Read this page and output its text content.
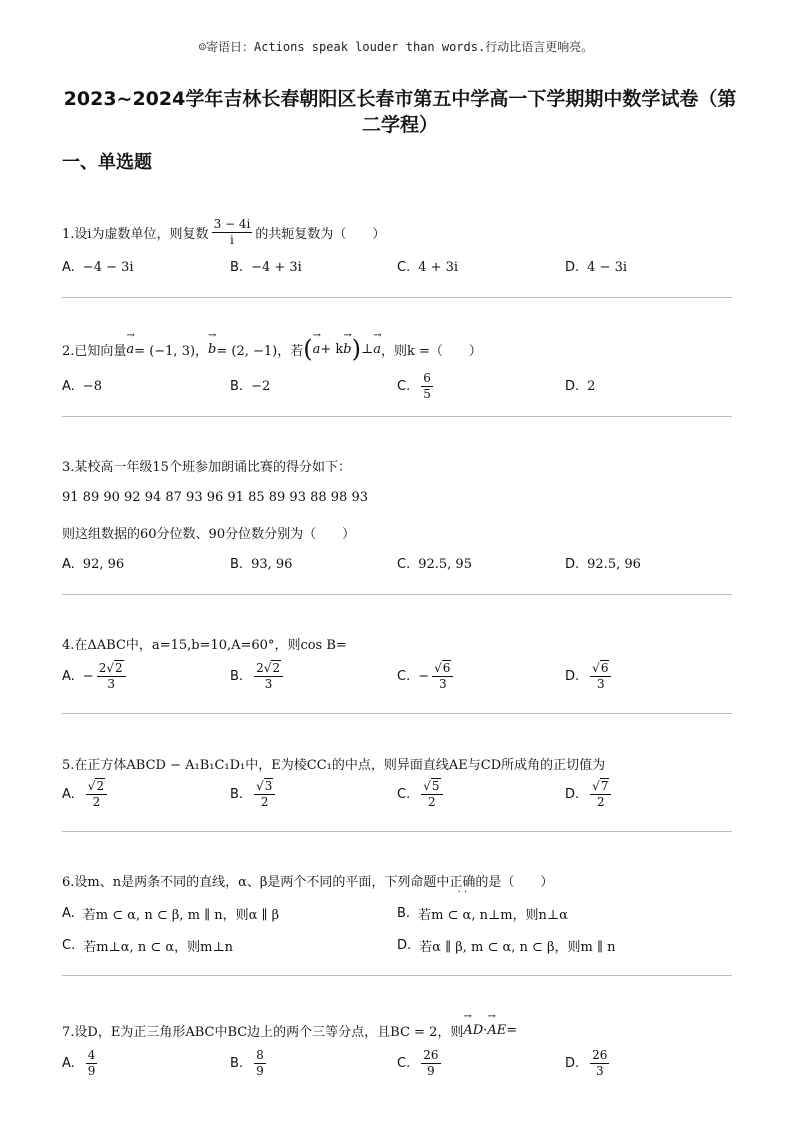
☺寄语日：Actions speak louder than words.行动比语言更响亮。
2023~2024学年吉林长春朝阳区长春市第五中学高一下学期期中数学试卷（第
二学程）
一、单选题
1.设i为虚数单位，则复数 $\frac{3 - 4i}{i}$ 的共轭复数为（　　）
A. −4 − 3i	B. −4 + 3i	C. 4 + 3i	D. 4 − 3i
2.已知向量 → a = (−1, 3)， → b = (2, −1)，若 ( → a + k → b ) ⊥ → a ，则k =（　　）
A. −8	B. −2	C. $\frac{6}{5}$	D. 2
3.某校高一年级15个班参加朗诵比赛的得分如下：
91 89 90 92 94 87 93 96 91 85 89 93 88 98 93
则这组数据的60分位数、90分位数分别为（　　）
A. 92, 96	B. 93, 96	C. 92.5, 95	D. 92.5, 96
4.在ΔABC中，a=15,b=10,A=60°，则cos B=
A. − $\frac{2√2}{3}$	B. $\frac{2√2}{3}$	C. − $\frac{√6}{3}$	D. $\frac{√6}{3}$
5.在正方体ABCD − A₁B₁C₁D₁中，E为棱CC₁的中点，则异面直线AE与CD所成角的正切值为
A. $\frac{√2}{2}$	B. $\frac{√3}{2}$	C. $\frac{√5}{2}$	D. $\frac{√7}{2}$
6.设m、n是两条不同的直线，α、β是两个不同的平面，下列命题中正确
· ·
的是（　　）
A. 若m ⊂ α, n ⊂ β, m ∥ n，则α ∥ β	B. 若m ⊂ α, n⊥m，则n⊥α
C. 若m⊥α, n ⊂ α，则m⊥n	D. 若α ∥ β, m ⊂ α, n ⊂ β，则m ∥ n
7.设D，E为正三角形ABC中BC边上的两个三等分点，且BC = 2，则 → AD · → AE =
A. $\frac{4}{9}$	B. $\frac{8}{9}$	C. $\frac{26}{9}$	D. $\frac{26}{3}$
